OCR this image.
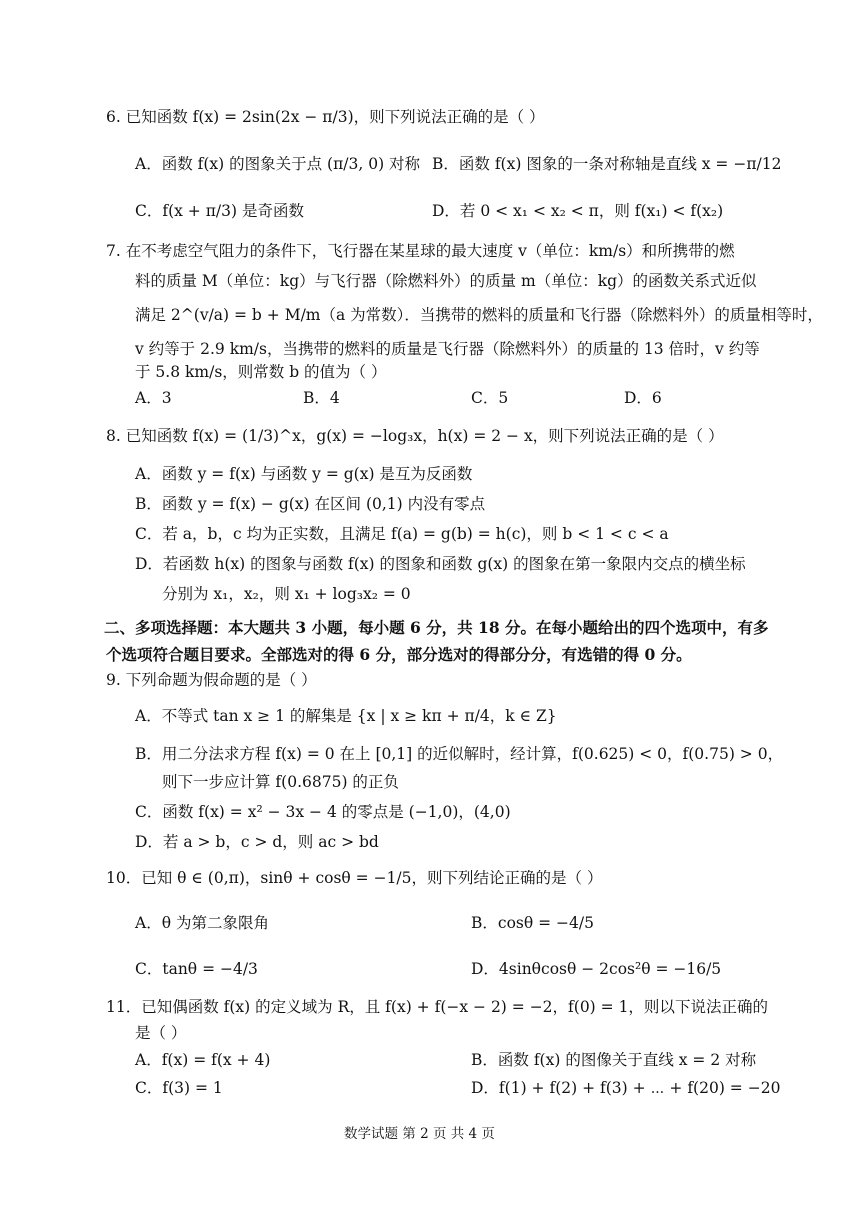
6. 已知函数 f(x) = 2sin(2x − π/3)，则下列说法正确的是（ ）
A．函数 f(x) 的图象关于点 (π/3, 0) 对称 B．函数 f(x) 图象的一条对称轴是直线 x = −π/12
C．f(x + π/3) 是奇函数	D．若 0 < x₁ < x₂ < π，则 f(x₁) < f(x₂)
7. 在不考虑空气阻力的条件下，飞行器在某星球的最大速度 v（单位：km/s）和所携带的燃
料的质量 M（单位：kg）与飞行器（除燃料外）的质量 m（单位：kg）的函数关系式近似
满足 2^(v/a) = b + M/m（a 为常数）．当携带的燃料的质量和飞行器（除燃料外）的质量相等时，
v 约等于 2.9 km/s，当携带的燃料的质量是飞行器（除燃料外）的质量的 13 倍时，v 约等
于 5.8 km/s，则常数 b 的值为（ ）
A．3	B．4	C．5	D．6
8. 已知函数 f(x) = (1/3)^x，g(x) = −log₃x，h(x) = 2 − x，则下列说法正确的是（ ）
A．函数 y = f(x) 与函数 y = g(x) 是互为反函数
B．函数 y = f(x) − g(x) 在区间 (0,1) 内没有零点
C．若 a，b，c 均为正实数，且满足 f(a) = g(b) = h(c)，则 b < 1 < c < a
D．若函数 h(x) 的图象与函数 f(x) 的图象和函数 g(x) 的图象在第一象限内交点的横坐标
分别为 x₁，x₂，则 x₁ + log₃x₂ = 0
二、多项选择题：本大题共 3 小题，每小题 6 分，共 18 分。在每小题给出的四个选项中，有多
个选项符合题目要求。全部选对的得 6 分，部分选对的得部分分，有选错的得 0 分。
9. 下列命题为假命题的是（ ）
A．不等式 tan x ≥ 1 的解集是 {x | x ≥ kπ + π/4，k ∈ Z}
B．用二分法求方程 f(x) = 0 在上 [0,1] 的近似解时，经计算，f(0.625) < 0，f(0.75) > 0，
则下一步应计算 f(0.6875) 的正负
C．函数 f(x) = x² − 3x − 4 的零点是 (−1,0)，(4,0)
D．若 a > b，c > d，则 ac > bd
10．已知 θ ∈ (0,π)，sinθ + cosθ = −1/5，则下列结论正确的是（ ）
A．θ 为第二象限角	B．cosθ = −4/5
C．tanθ = −4/3	D．4sinθcosθ − 2cos²θ = −16/5
11．已知偶函数 f(x) 的定义域为 R，且 f(x) + f(−x − 2) = −2，f(0) = 1，则以下说法正确的
是（ ）
A．f(x) = f(x + 4)	B．函数 f(x) 的图像关于直线 x = 2 对称
C．f(3) = 1	D．f(1) + f(2) + f(3) + ⋯ + f(20) = −20
数学试题 第 2 页 共 4 页
